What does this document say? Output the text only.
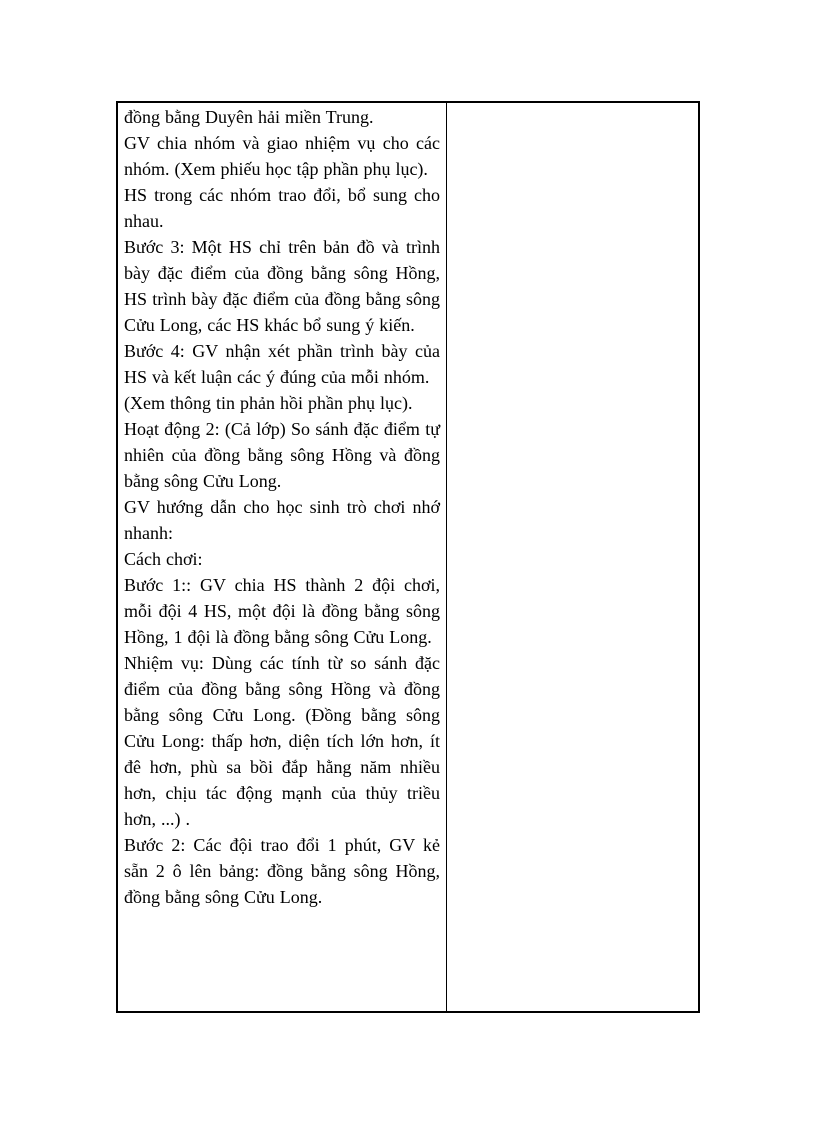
đồng bằng Duyên hải miền Trung.

GV chia nhóm và giao nhiệm vụ cho các nhóm. (Xem phiếu học tập phần phụ lục).

HS trong các nhóm trao đổi, bổ sung cho nhau.

Bước 3: Một HS chỉ trên bản đồ và trình bày đặc điểm của đồng bằng sông Hồng, HS trình bày đặc điểm của đồng bằng sông Cửu Long, các HS khác bổ sung ý kiến.

Bước 4: GV nhận xét phần trình bày của HS và kết luận các ý đúng của mỗi nhóm.

(Xem thông tin phản hồi phần phụ lục).

Hoạt động 2: (Cả lớp) So sánh đặc điểm tự nhiên của đồng bằng sông Hồng và đồng bằng sông Cửu Long.

GV hướng dẫn cho học sinh trò chơi nhớ nhanh:

Cách chơi:

Bước 1:: GV chia HS thành 2 đội chơi, mỗi đội 4 HS, một đội là đồng bằng sông Hồng, 1 đội là đồng bằng sông Cửu Long.

Nhiệm vụ: Dùng các tính từ so sánh đặc điểm của đồng bằng sông Hồng và đồng bằng sông Cửu Long. (Đồng bằng sông Cửu Long: thấp hơn, diện tích lớn hơn, ít đê hơn, phù sa bồi đắp hằng năm nhiều hơn, chịu tác động mạnh của thủy triều hơn, ...) .

Bước 2: Các đội trao đổi 1 phút, GV kẻ sẵn 2 ô lên bảng: đồng bằng sông Hồng, đồng bằng sông Cửu Long.
